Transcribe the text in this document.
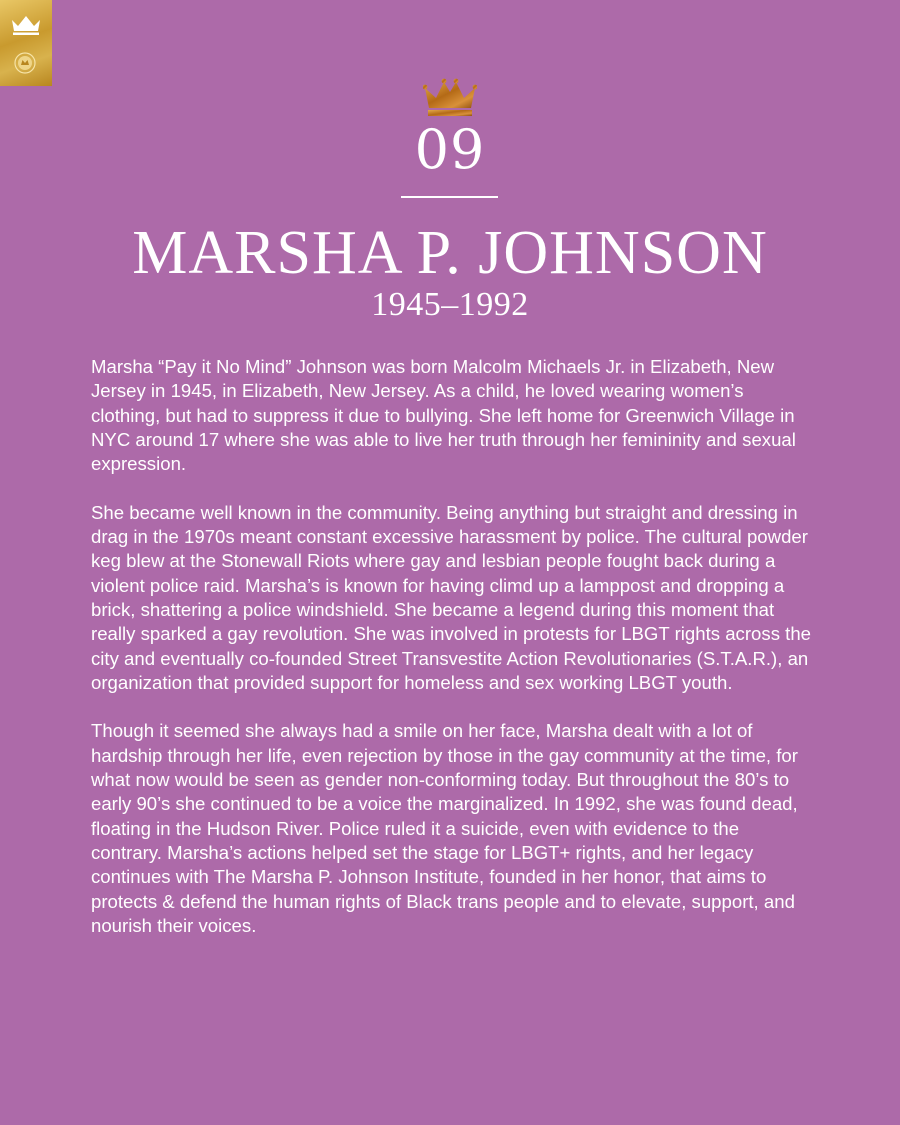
09
MARSHA P. JOHNSON
1945–1992

Marsha “Pay it No Mind” Johnson was born Malcolm Michaels Jr. in Elizabeth, New Jersey in 1945, in Elizabeth, New Jersey. As a child, he loved wearing women’s clothing, but had to suppress it due to bullying. She left home for Greenwich Village in NYC around 17 where she was able to live her truth through her femininity and sexual expression.

She became well known in the community. Being anything but straight and dressing in drag in the 1970s meant constant excessive harassment by police. The cultural powder keg blew at the Stonewall Riots where gay and lesbian people fought back during a violent police raid. Marsha’s is known for having climd up a lamppost and dropping a brick, shattering a police windshield. She became a legend during this moment that really sparked a gay revolution. She was involved in protests for LBGT rights across the city and eventually co-founded Street Transvestite Action Revolutionaries (S.T.A.R.), an organization that provided support for homeless and sex working LBGT youth.

Though it seemed she always had a smile on her face, Marsha dealt with a lot of hardship through her life, even rejection by those in the gay community at the time, for what now would be seen as gender non-conforming today. But throughout the 80’s to early 90’s she continued to be a voice the marginalized. In 1992, she was found dead, floating in the Hudson River. Police ruled it a suicide, even with evidence to the contrary. Marsha’s actions helped set the stage for LBGT+ rights, and her legacy continues with The Marsha P. Johnson Institute, founded in her honor, that aims to protects & defend the human rights of Black trans people and to elevate, support, and nourish their voices.
